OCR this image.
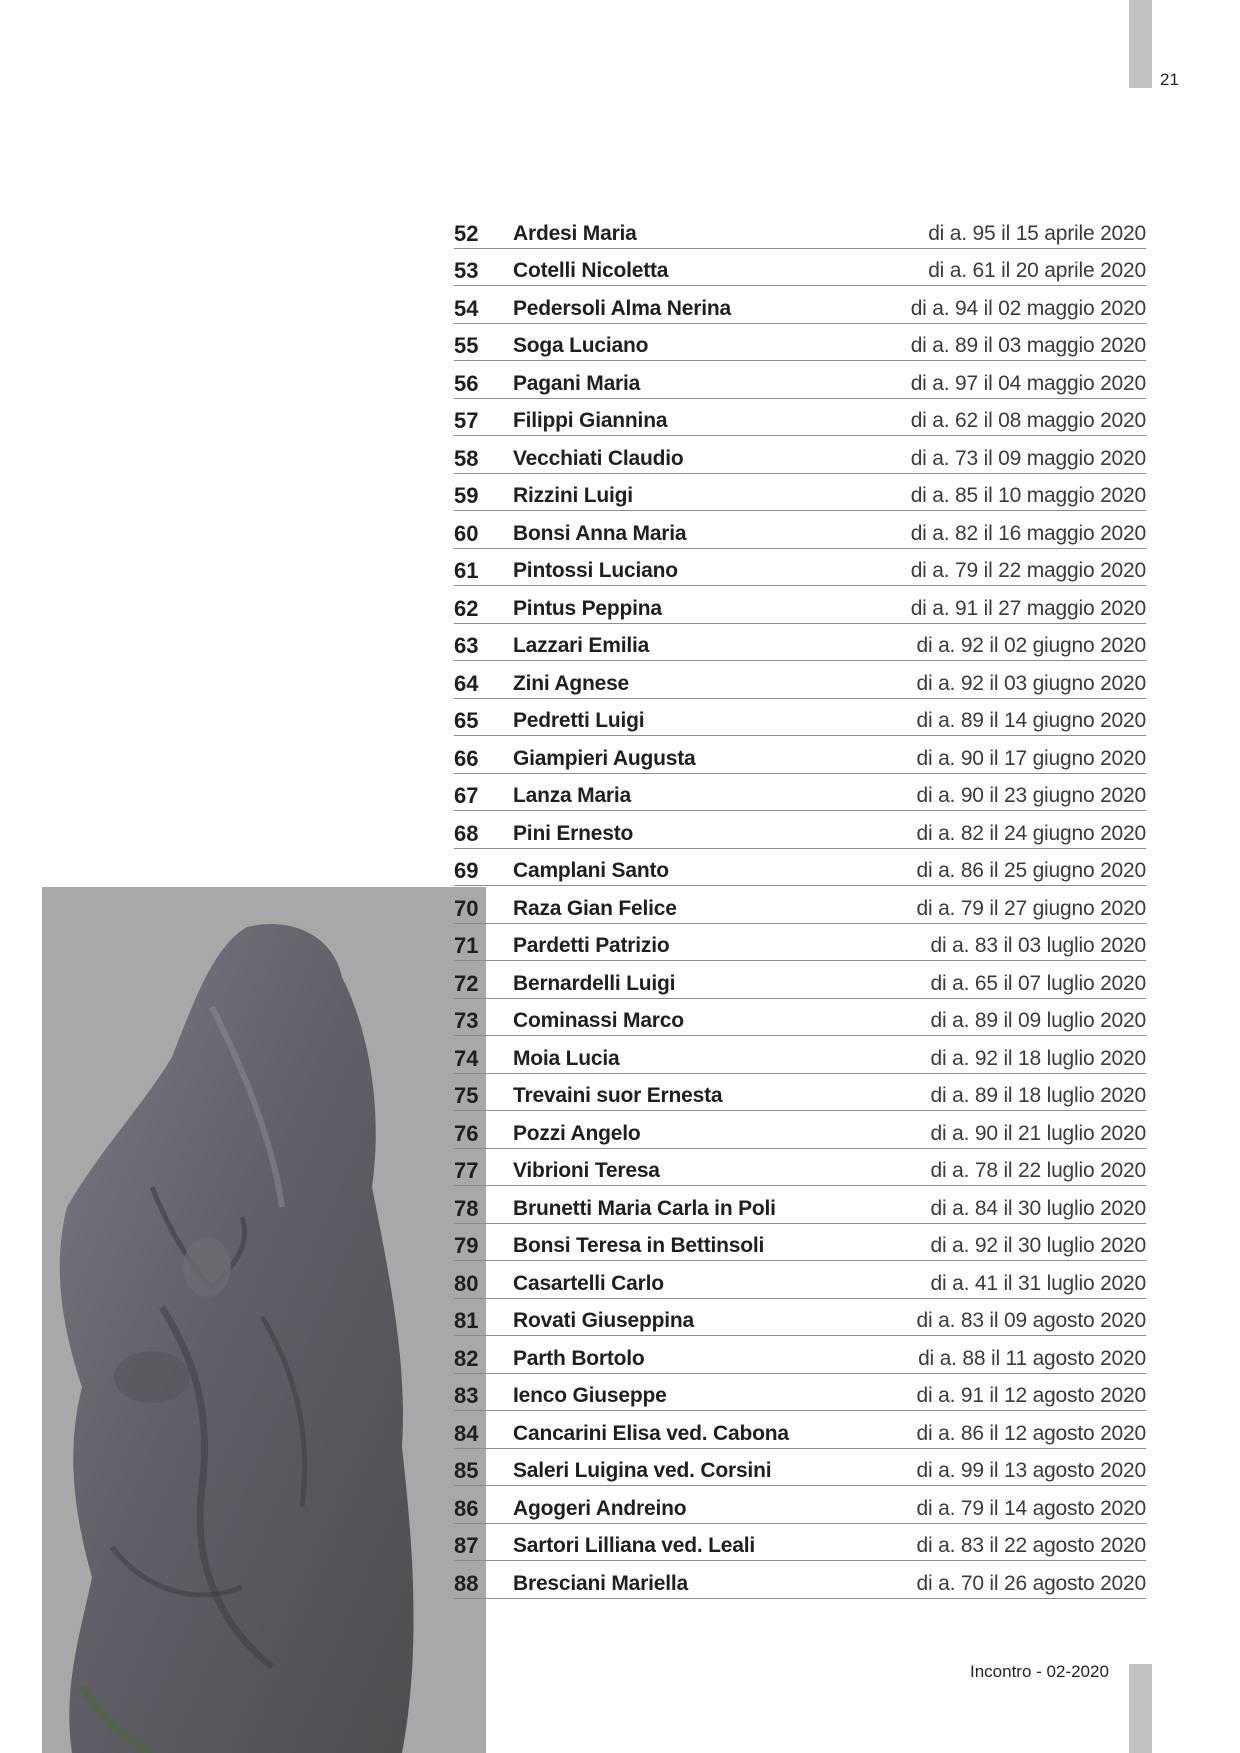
21
52 Ardesi Maria	di a. 95 il 15 aprile 2020
53 Cotelli Nicoletta	di a. 61 il 20 aprile 2020
54 Pedersoli Alma Nerina	di a. 94 il 02 maggio 2020
55 Soga Luciano	di a. 89 il 03 maggio 2020
56 Pagani Maria	di a. 97 il 04 maggio 2020
57 Filippi Giannina	di a. 62 il 08 maggio 2020
58 Vecchiati Claudio	di a. 73 il 09 maggio 2020
59 Rizzini Luigi	di a. 85 il 10 maggio 2020
60 Bonsi Anna Maria	di a. 82 il 16 maggio 2020
61 Pintossi Luciano	di a. 79 il 22 maggio 2020
62 Pintus Peppina	di a. 91 il 27 maggio 2020
63 Lazzari Emilia	di a. 92 il 02 giugno 2020
64 Zini Agnese	di a. 92 il 03 giugno 2020
65 Pedretti Luigi	di a. 89 il 14 giugno 2020
66 Giampieri Augusta	di a. 90 il 17 giugno 2020
67 Lanza Maria	di a. 90 il 23 giugno 2020
68 Pini Ernesto	di a. 82 il 24 giugno 2020
69 Camplani Santo	di a. 86 il 25 giugno 2020
70 Raza Gian Felice	di a. 79 il 27 giugno 2020
71 Pardetti Patrizio	di a. 83 il 03 luglio 2020
72 Bernardelli Luigi	di a. 65 il 07 luglio 2020
73 Cominassi Marco	di a. 89 il 09 luglio 2020
74 Moia Lucia	di a. 92 il 18 luglio 2020
75 Trevaini suor Ernesta	di a. 89 il 18 luglio 2020
76 Pozzi Angelo	di a. 90 il 21 luglio 2020
77 Vibrioni Teresa	di a. 78 il 22 luglio 2020
78 Brunetti Maria Carla in Poli	di a. 84 il 30 luglio 2020
79 Bonsi Teresa in Bettinsoli	di a. 92 il 30 luglio 2020
80 Casartelli Carlo	di a. 41 il 31 luglio 2020
81 Rovati Giuseppina	di a. 83 il 09 agosto 2020
82 Parth Bortolo	di a. 88 il 11 agosto 2020
83 Ienco Giuseppe	di a. 91 il 12 agosto 2020
84 Cancarini Elisa ved. Cabona	di a. 86 il 12 agosto 2020
85 Saleri Luigina ved. Corsini	di a. 99 il 13 agosto 2020
86 Agogeri Andreino	di a. 79 il 14 agosto 2020
87 Sartori Lilliana ved. Leali	di a. 83 il 22 agosto 2020
88 Bresciani Mariella	di a. 70 il 26 agosto 2020
Incontro - 02-2020
